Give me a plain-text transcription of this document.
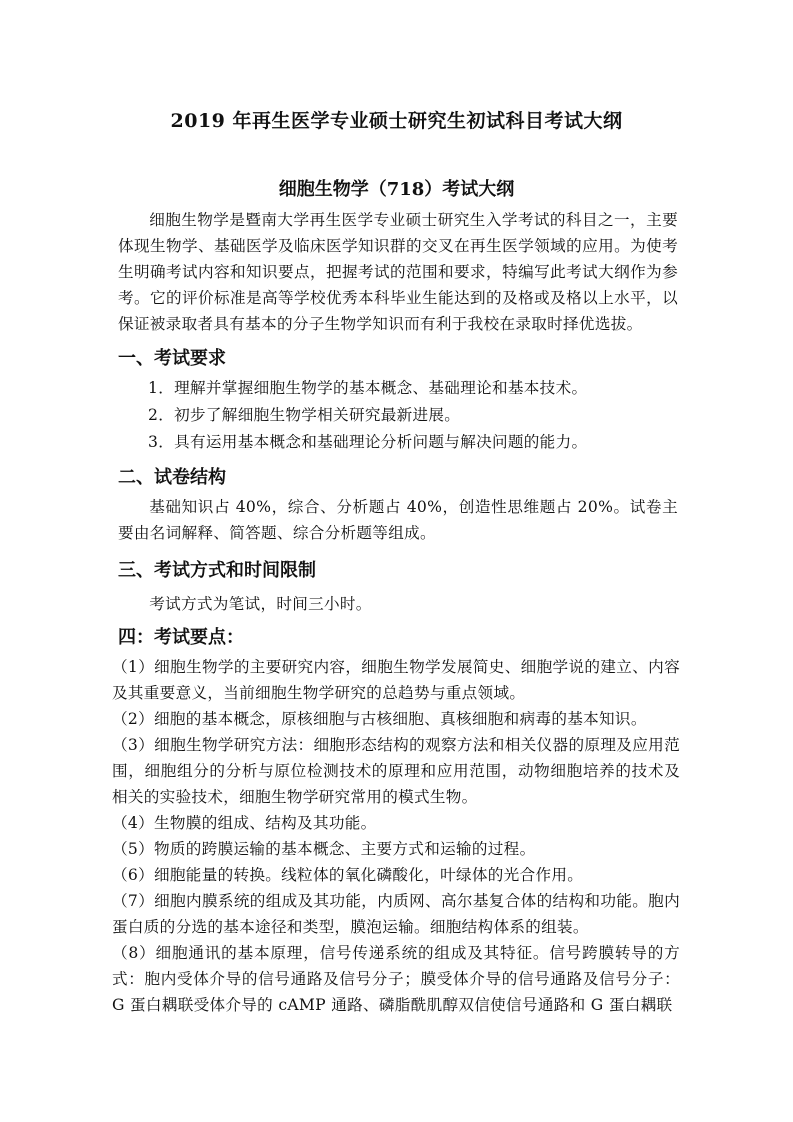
2019 年再生医学专业硕士研究生初试科目考试大纲
细胞生物学（718）考试大纲

细胞生物学是暨南大学再生医学专业硕士研究生入学考试的科目之一，主要体现生物学、基础医学及临床医学知识群的交叉在再生医学领域的应用。为使考生明确考试内容和知识要点，把握考试的范围和要求，特编写此考试大纲作为参考。它的评价标准是高等学校优秀本科毕业生能达到的及格或及格以上水平，以保证被录取者具有基本的分子生物学知识而有利于我校在录取时择优选拔。

一、考试要求

1．理解并掌握细胞生物学的基本概念、基础理论和基本技术。

2．初步了解细胞生物学相关研究最新进展。

3．具有运用基本概念和基础理论分析问题与解决问题的能力。

二、试卷结构

基础知识占 40%，综合、分析题占 40%，创造性思维题占 20%。试卷主要由名词解释、简答题、综合分析题等组成。

三、考试方式和时间限制

考试方式为笔试，时间三小时。

四：考试要点：

（1）细胞生物学的主要研究内容，细胞生物学发展简史、细胞学说的建立、内容及其重要意义，当前细胞生物学研究的总趋势与重点领域。

（2）细胞的基本概念，原核细胞与古核细胞、真核细胞和病毒的基本知识。

（3）细胞生物学研究方法：细胞形态结构的观察方法和相关仪器的原理及应用范围，细胞组分的分析与原位检测技术的原理和应用范围，动物细胞培养的技术及相关的实验技术，细胞生物学研究常用的模式生物。

（4）生物膜的组成、结构及其功能。

（5）物质的跨膜运输的基本概念、主要方式和运输的过程。

（6）细胞能量的转换。线粒体的氧化磷酸化，叶绿体的光合作用。

（7）细胞内膜系统的组成及其功能，内质网、高尔基复合体的结构和功能。胞内蛋白质的分选的基本途径和类型，膜泡运输。细胞结构体系的组装。

（8）细胞通讯的基本原理，信号传递系统的组成及其特征。信号跨膜转导的方式：胞内受体介导的信号通路及信号分子；膜受体介导的信号通路及信号分子：G 蛋白耦联受体介导的 cAMP 通路、磷脂酰肌醇双信使信号通路和 G 蛋白耦联
